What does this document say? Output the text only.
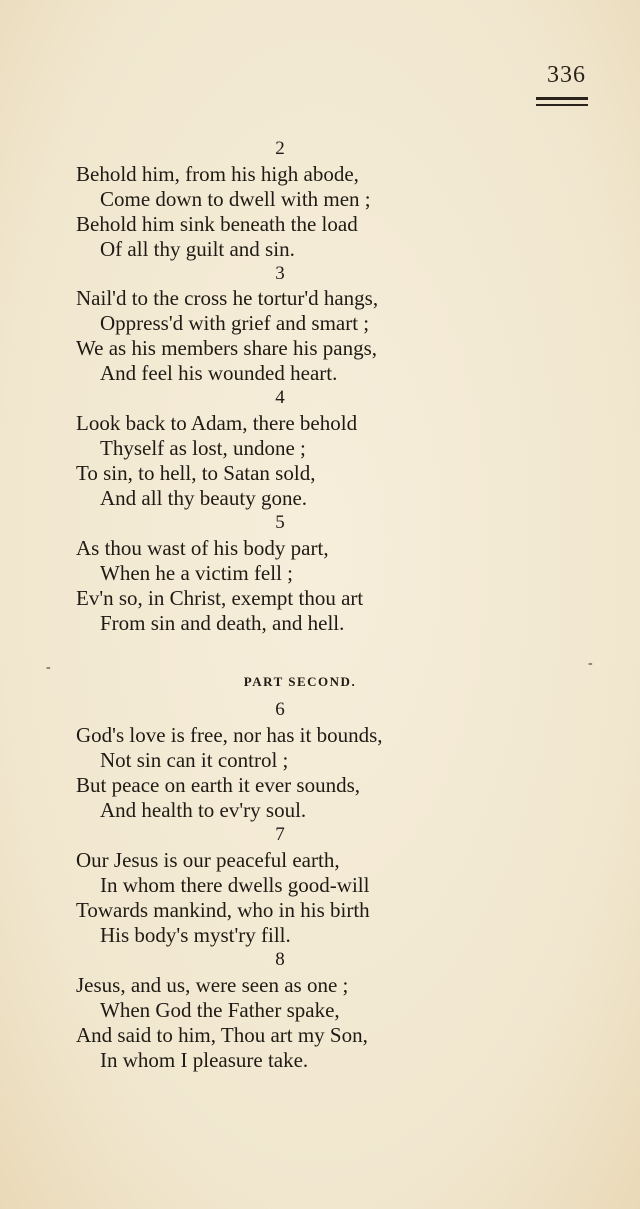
336
2
Behold him, from his high abode,
Come down to dwell with men ;
Behold him sink beneath the load
Of all thy guilt and sin.
3
Nail'd to the cross he tortur'd hangs,
Oppress'd with grief and smart ;
We as his members share his pangs,
And feel his wounded heart.
4
Look back to Adam, there behold
Thyself as lost, undone ;
To sin, to hell, to Satan sold,
And all thy beauty gone.
5
As thou wast of his body part,
When he a victim fell ;
Ev'n so, in Christ, exempt thou art
From sin and death, and hell.
-	-
PART SECOND.
6
God's love is free, nor has it bounds,
Not sin can it control ;
But peace on earth it ever sounds,
And health to ev'ry soul.
7
Our Jesus is our peaceful earth,
In whom there dwells good-will
Towards mankind, who in his birth
His body's myst'ry fill.
8
Jesus, and us, were seen as one ;
When God the Father spake,
And said to him, Thou art my Son,
In whom I pleasure take.
